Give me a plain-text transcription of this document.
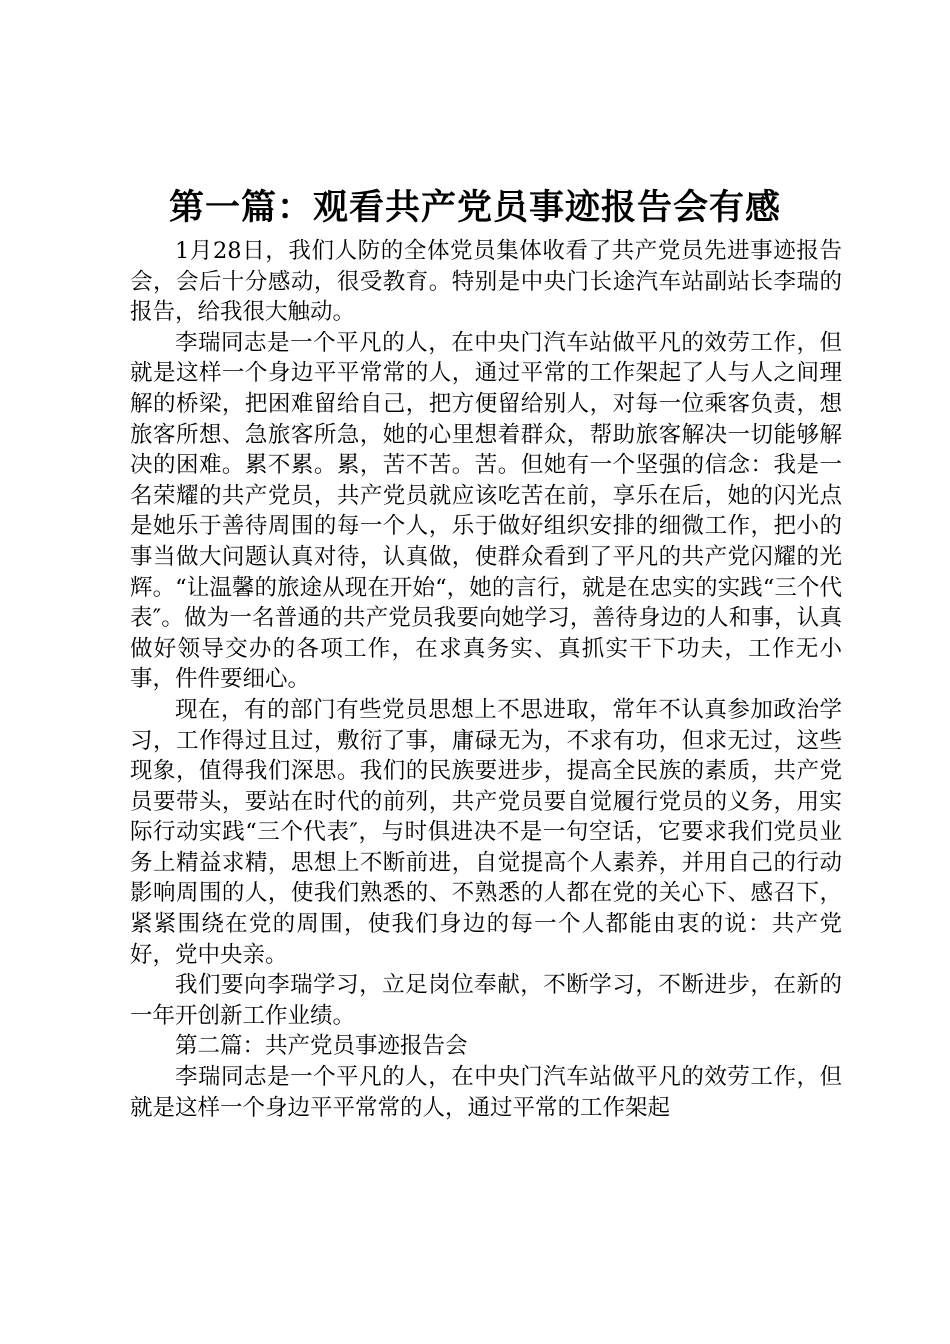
第一篇：观看共产党员事迹报告会有感

1月28日，我们人防的全体党员集体收看了共产党员先进事迹报告会，会后十分感动，很受教育。特别是中央门长途汽车站副站长李瑞的报告，给我很大触动。

李瑞同志是一个平凡的人，在中央门汽车站做平凡的效劳工作，但就是这样一个身边平平常常的人，通过平常的工作架起了人与人之间理解的桥梁，把困难留给自己，把方便留给别人，对每一位乘客负责，想旅客所想、急旅客所急，她的心里想着群众，帮助旅客解决一切能够解决的困难。累不累。累，苦不苦。苦。但她有一个坚强的信念：我是一名荣耀的共产党员，共产党员就应该吃苦在前，享乐在后，她的闪光点是她乐于善待周围的每一个人，乐于做好组织安排的细微工作，把小的事当做大问题认真对待，认真做，使群众看到了平凡的共产党闪耀的光辉。“让温馨的旅途从现在开始“，她的言行，就是在忠实的实践“三个代表″。做为一名普通的共产党员我要向她学习，善待身边的人和事，认真做好领导交办的各项工作，在求真务实、真抓实干下功夫，工作无小事，件件要细心。

现在，有的部门有些党员思想上不思进取，常年不认真参加政治学习，工作得过且过，敷衍了事，庸碌无为，不求有功，但求无过，这些现象，值得我们深思。我们的民族要进步，提高全民族的素质，共产党员要带头，要站在时代的前列，共产党员要自觉履行党员的义务，用实际行动实践“三个代表″，与时俱进决不是一句空话，它要求我们党员业务上精益求精，思想上不断前进，自觉提高个人素养，并用自己的行动影响周围的人，使我们熟悉的、不熟悉的人都在党的关心下、感召下，紧紧围绕在党的周围，使我们身边的每一个人都能由衷的说：共产党好，党中央亲。

我们要向李瑞学习，立足岗位奉献，不断学习，不断进步，在新的一年开创新工作业绩。

第二篇：共产党员事迹报告会

李瑞同志是一个平凡的人，在中央门汽车站做平凡的效劳工作，但就是这样一个身边平平常常的人，通过平常的工作架起
